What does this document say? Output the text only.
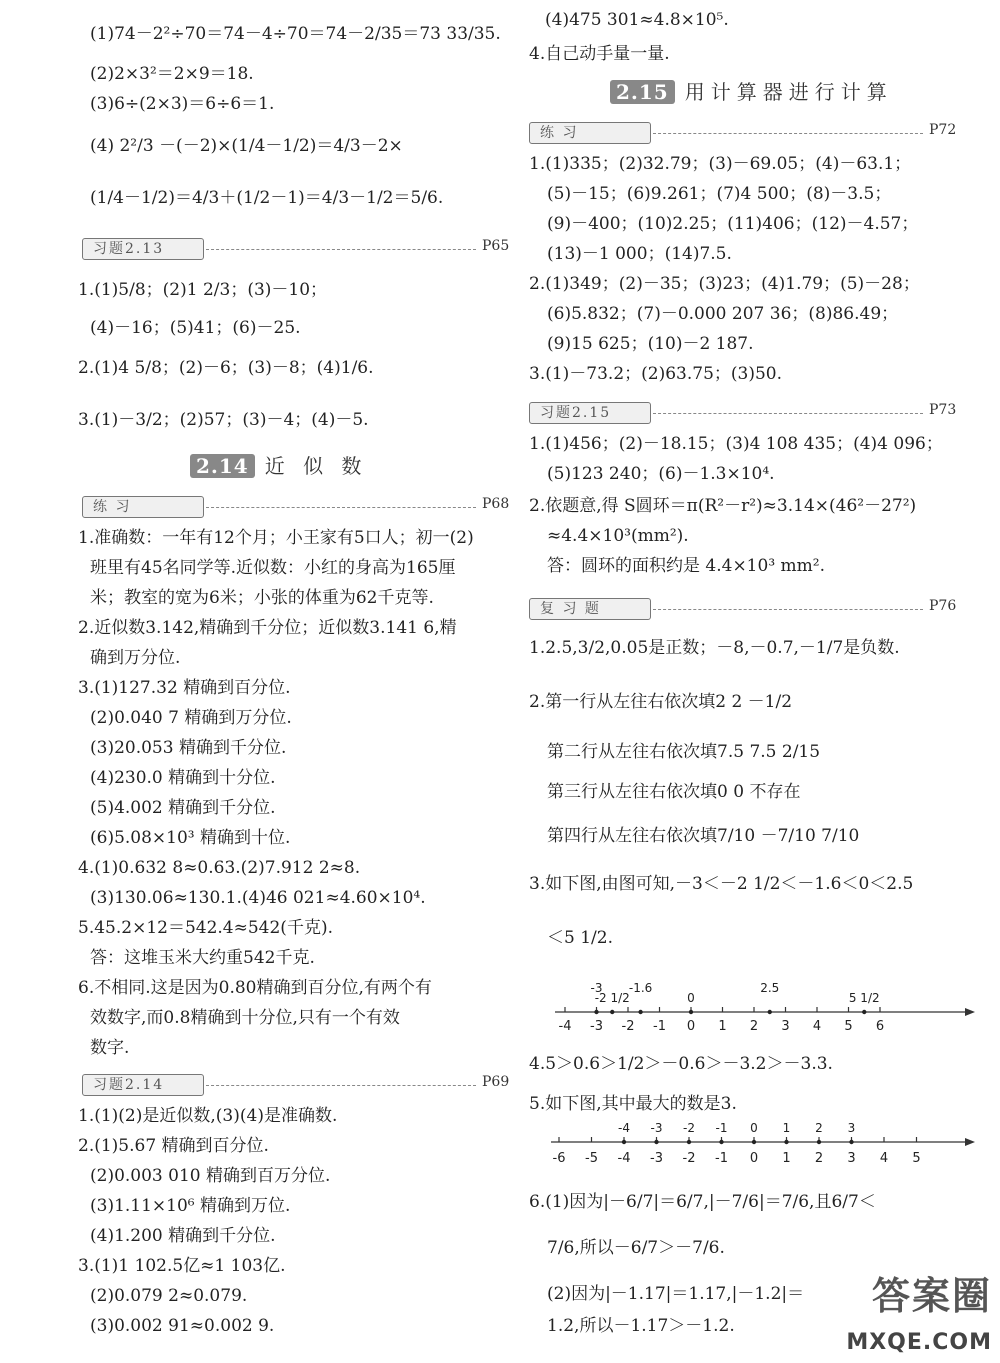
(1)74－2²÷70＝74－4÷70＝74－2/35＝73 33/35.
(2)2×3²＝2×9＝18.
(3)6÷(2×3)＝6÷6＝1.
(4) 2²/3 －(－2)×(1/4－1/2)＝4/3－2×
(1/4－1/2)＝4/3＋(1/2－1)＝4/3－1/2＝5/6.
习题2.13	P65
1.(1)5/8；(2)1 2/3；(3)－10；
(4)－16；(5)41；(6)－25.
2.(1)4 5/8；(2)－6；(3)－8；(4)1/6.
3.(1)－3/2；(2)57；(3)－4；(4)－5.
2.14 近 似 数
练 习	P68
1.准确数：一年有12个月；小王家有5口人；初一(2)
班里有45名同学等.近似数：小红的身高为165厘
米；教室的宽为6米；小张的体重为62千克等.
2.近似数3.142,精确到千分位；近似数3.141 6,精
确到万分位.
3.(1)127.32 精确到百分位.
(2)0.040 7 精确到万分位.
(3)20.053 精确到千分位.
(4)230.0 精确到十分位.
(5)4.002 精确到千分位.
(6)5.08×10³ 精确到十位.
4.(1)0.632 8≈0.63.(2)7.912 2≈8.
(3)130.06≈130.1.(4)46 021≈4.60×10⁴.
5.45.2×12＝542.4≈542(千克).
答：这堆玉米大约重542千克.
6.不相同.这是因为0.80精确到百分位,有两个有
效数字,而0.8精确到十分位,只有一个有效
数字.
习题2.14	P69
1.(1)(2)是近似数,(3)(4)是准确数.
2.(1)5.67 精确到百分位.
(2)0.003 010 精确到百万分位.
(3)1.11×10⁶ 精确到万位.
(4)1.200 精确到千分位.
3.(1)1 102.5亿≈1 103亿.
(2)0.079 2≈0.079.
(3)0.002 91≈0.002 9.
(4)475 301≈4.8×10⁵.
4.自己动手量一量.
2.15 用计算器进行计算
练 习	P72
1.(1)335；(2)32.79；(3)－69.05；(4)－63.1；
(5)－15；(6)9.261；(7)4 500；(8)－3.5；
(9)－400；(10)2.25；(11)406；(12)－4.57；
(13)－1 000；(14)7.5.
2.(1)349；(2)－35；(3)23；(4)1.79；(5)－28；
(6)5.832；(7)－0.000 207 36；(8)86.49；
(9)15 625；(10)－2 187.
3.(1)－73.2；(2)63.75；(3)50.
习题2.15	P73
1.(1)456；(2)－18.15；(3)4 108 435；(4)4 096；
(5)123 240；(6)－1.3×10⁴.
2.依题意,得 S圆环＝π(R²－r²)≈3.14×(46²－27²)
≈4.4×10³(mm²).
答：圆环的面积约是 4.4×10³ mm².
复 习 题	P76
1.2.5,3/2,0.05是正数；－8,－0.7,－1/7是负数.
2.第一行从左往右依次填2 2 －1/2
第二行从左往右依次填7.5 7.5 2/15
第三行从左往右依次填0 0 不存在
第四行从左往右依次填7/10 －7/10 7/10
3.如下图,由图可知,－3＜－2 1/2＜－1.6＜0＜2.5
＜5 1/2.
-4 -3 -2 -1 0 1 2 3 4 5 6
-3
-2 1/2
-1.6
0
2.5
5 1/2
4.5＞0.6＞1/2＞－0.6＞－3.2＞－3.3.
5.如下图,其中最大的数是3.
-6 -5 -4 -3 -2 -1 0 1 2 3 4 5
-4 -3 -2 -1 0 1 2 3
6.(1)因为|－6/7|＝6/7,|－7/6|＝7/6,且6/7＜
7/6,所以－6/7＞－7/6.
(2)因为|－1.17|＝1.17,|－1.2|＝
1.2,所以－1.17＞－1.2.
答案圈
MXQE.COM
